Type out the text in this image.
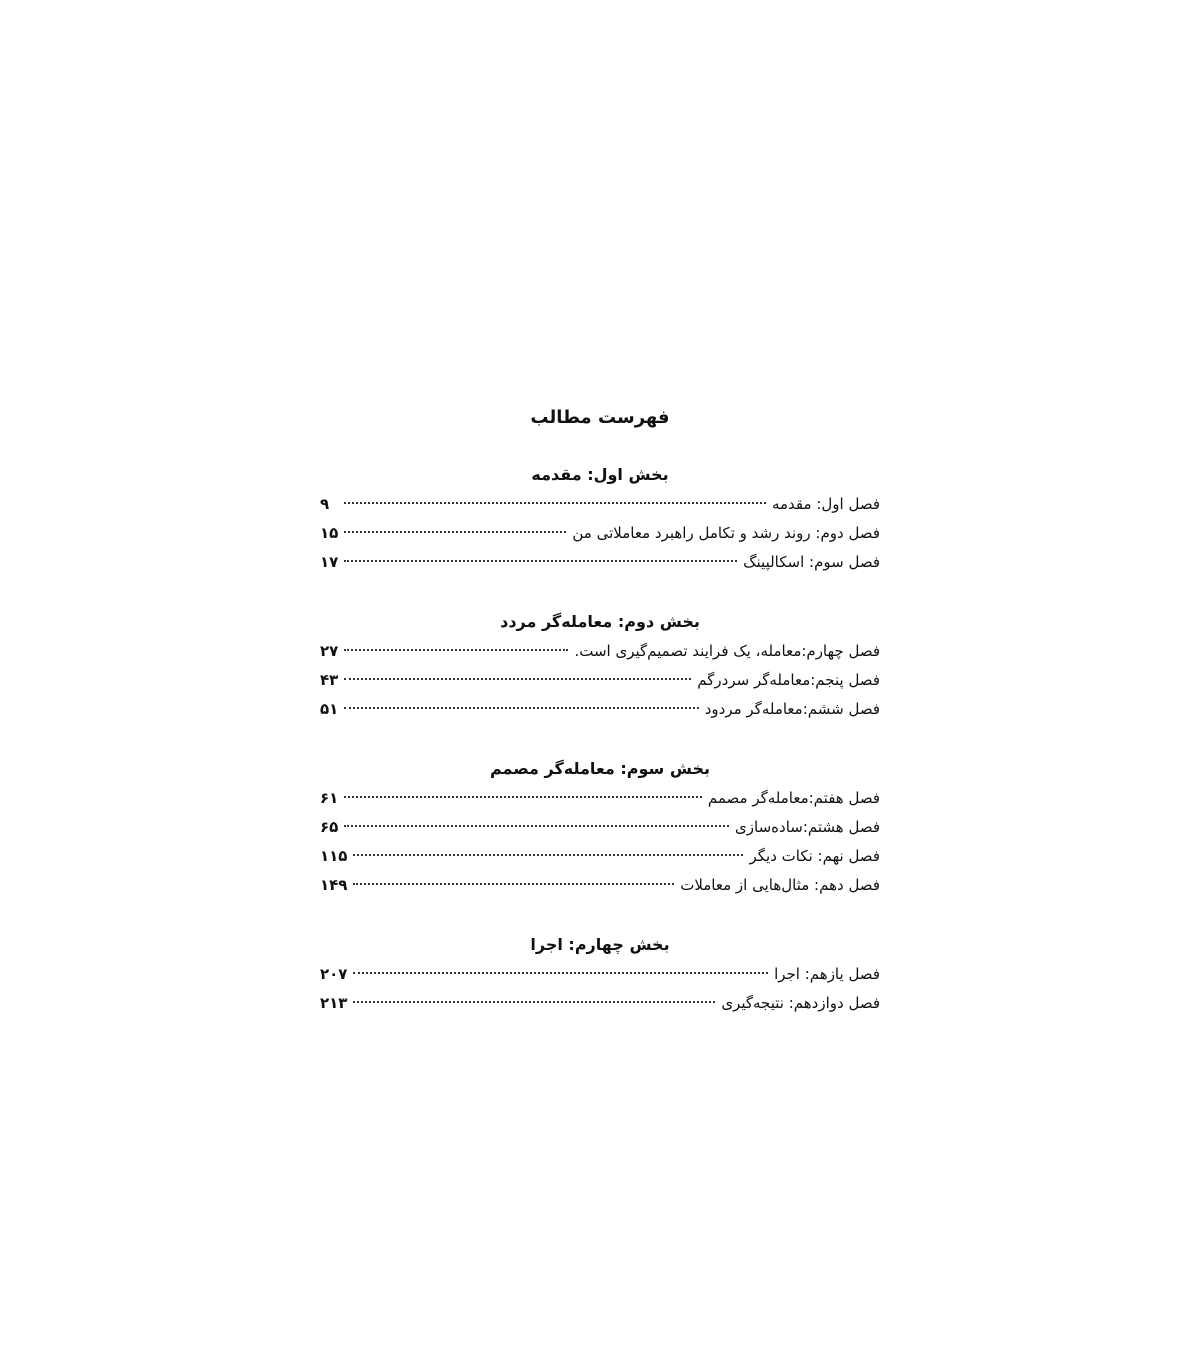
فهرست مطالب
بخش اول: مقدمه
فصل اول: مقدمه
۹
فصل دوم: روند رشد و تکامل راهبرد معاملاتی من
۱۵
فصل سوم: اسکالپینگ
۱۷
بخش دوم: معامله‌گر مردد
فصل چهارم:معامله، یک فرایند تصمیم‌گیری است.
۲۷
فصل پنجم:معامله‌گر سردرگم
۴۳
فصل ششم:معامله‌گر مردود
۵۱
بخش سوم: معامله‌گر مصمم
فصل هفتم:معامله‌گر مصمم
۶۱
فصل هشتم:ساده‌سازی
۶۵
فصل نهم: نکات دیگر
۱۱۵
فصل دهم: مثال‌هایی از معاملات
۱۴۹
بخش چهارم: اجرا
فصل یازهم: اجرا
۲۰۷
فصل دوازدهم: نتیجه‌گیری
۲۱۳
